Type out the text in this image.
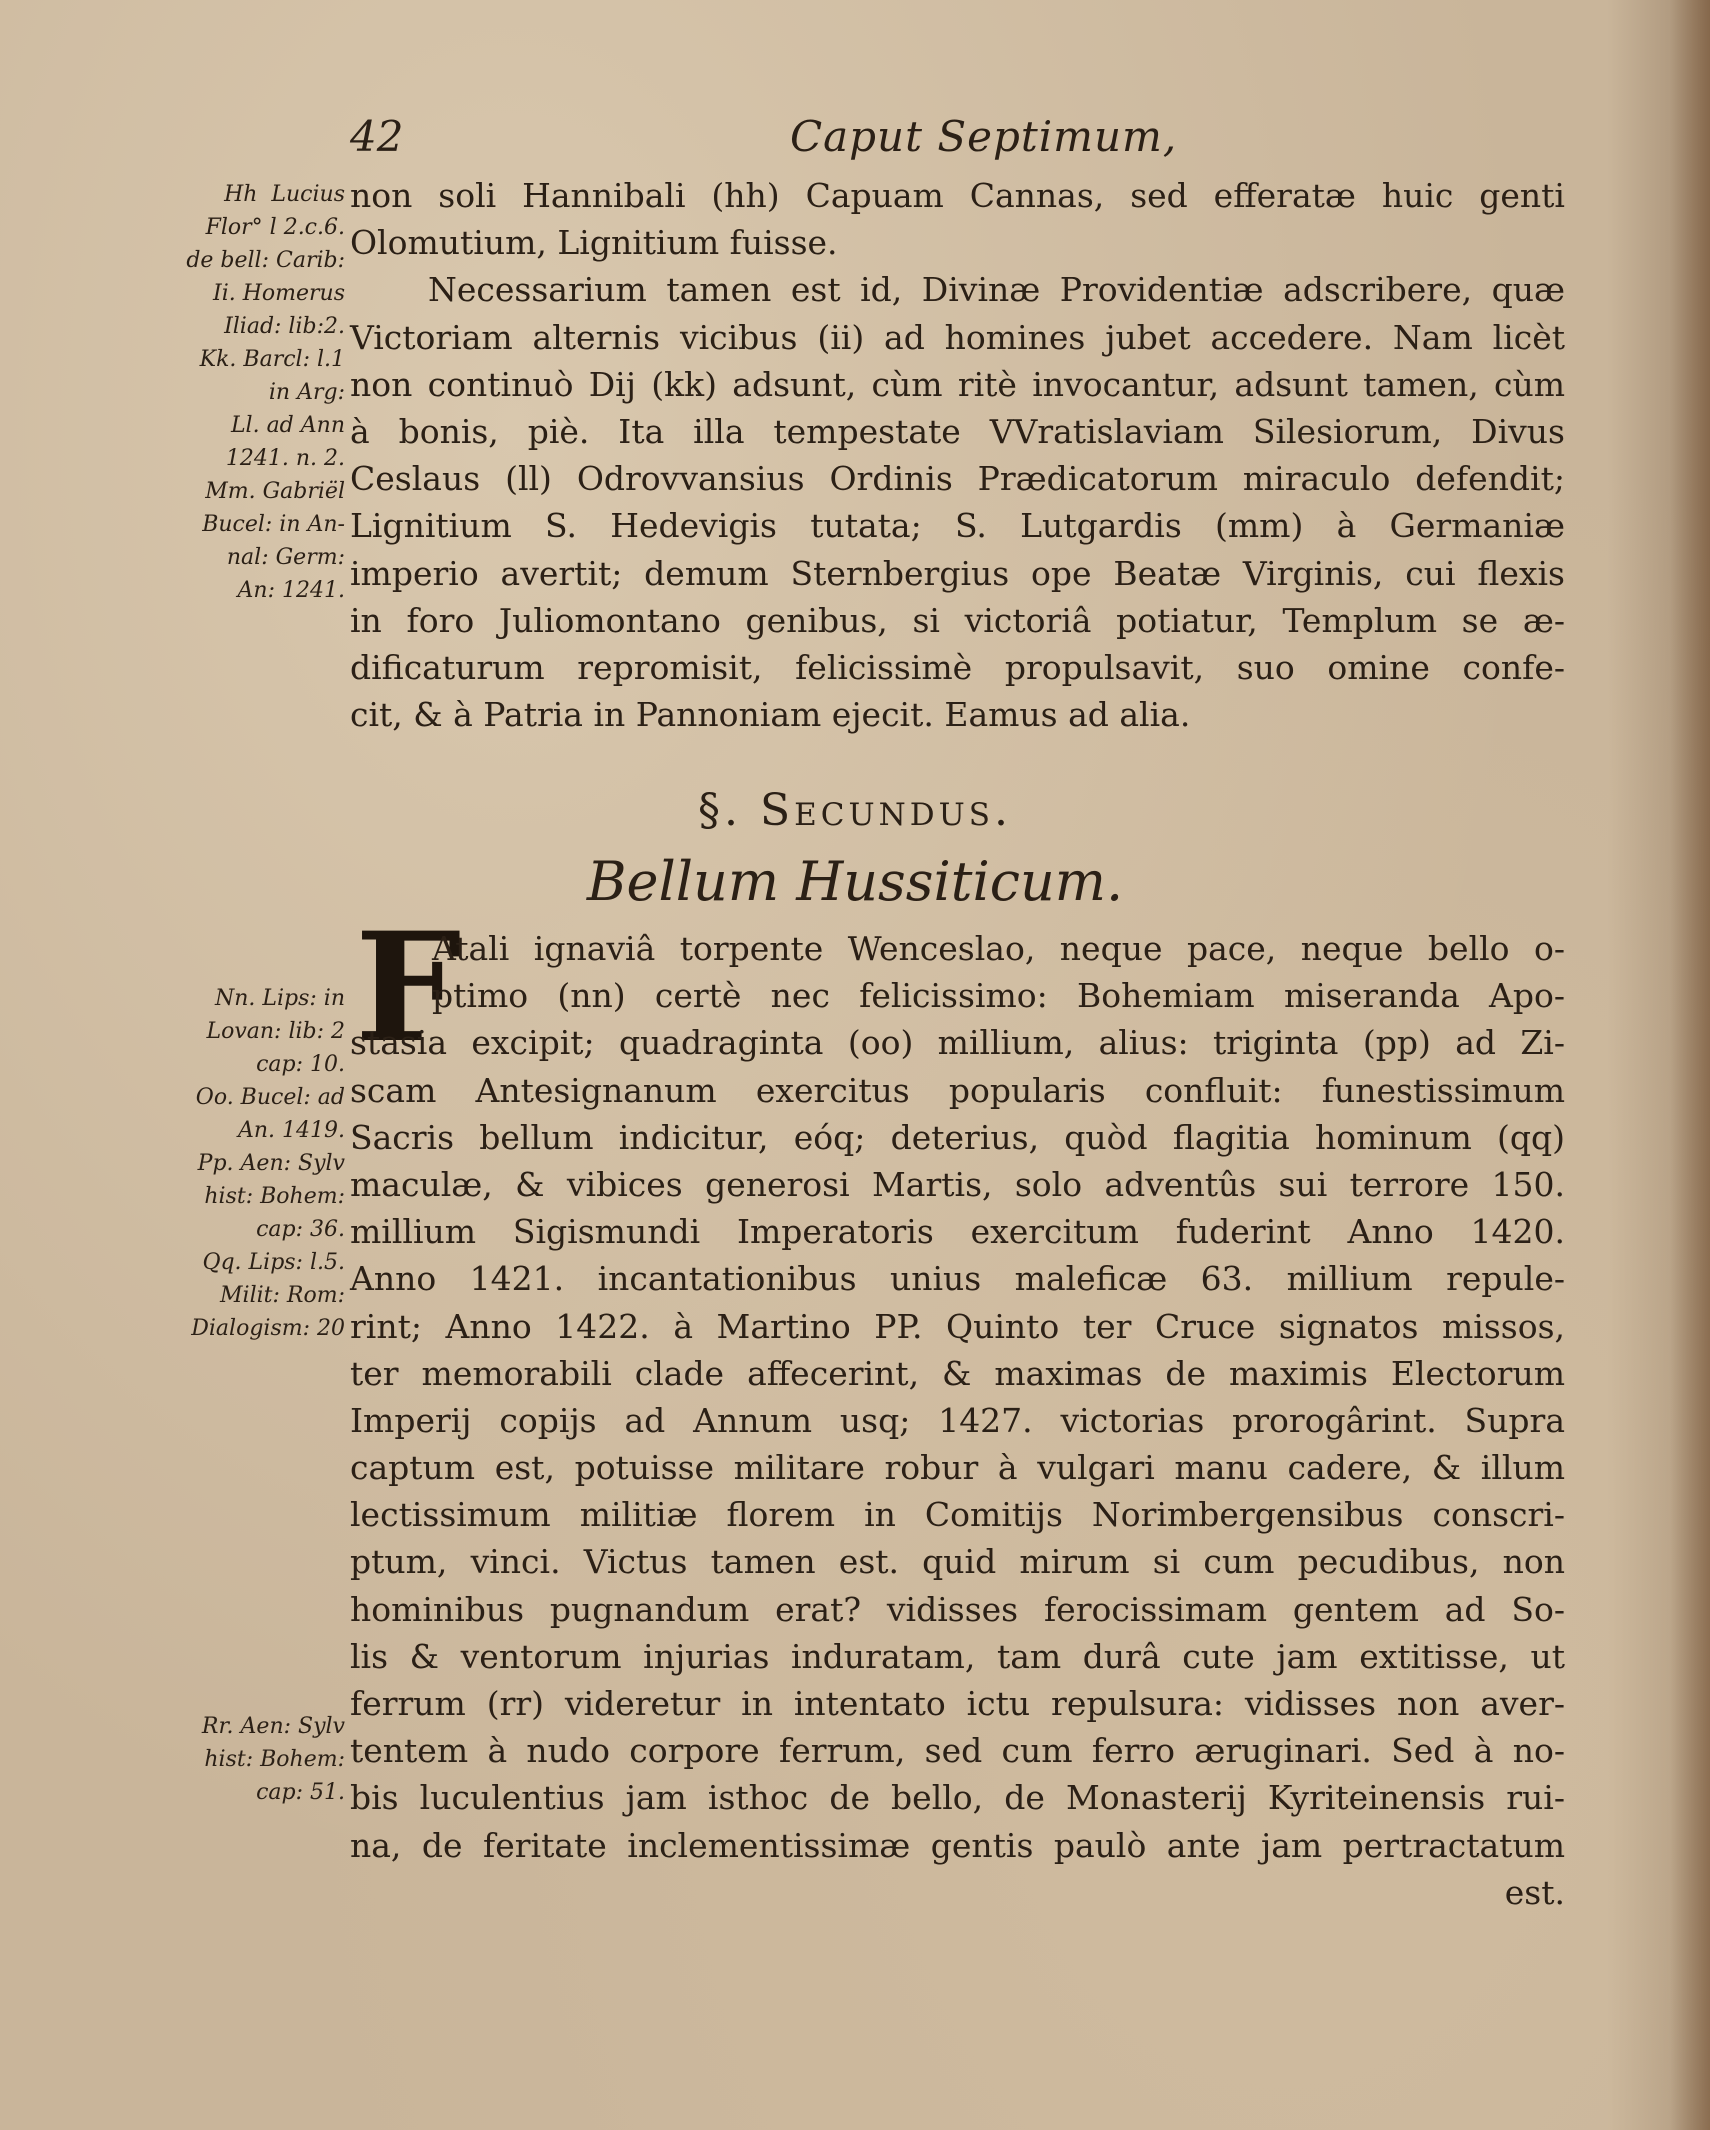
42	Caput Septimum,
Hh  Lucius
Flor° l 2.c.6.
de bell: Carib:
Ii. Homerus
Iliad: lib:2.
Kk. Barcl: l.1
in Arg:
Ll. ad Ann
1241. n. 2.
Mm. Gabriël
Bucel: in An-
nal: Germ:
An: 1241.
non soli Hannibali (hh) Capuam Cannas, sed efferatæ huic genti
Olomutium, Lignitium fuisse.
Necessarium tamen est id, Divinæ Providentiæ adscribere, quæ
Victoriam alternis vicibus (ii) ad homines jubet accedere. Nam licèt
non continuò Dij (kk) adsunt, cùm ritè invocantur, adsunt tamen, cùm
à bonis, piè. Ita illa tempestate VVratislaviam Silesiorum, Divus
Ceslaus (ll) Odrovvansius Ordinis Prædicatorum miraculo defendit;
Lignitium S. Hedevigis tutata; S. Lutgardis (mm) à Germaniæ
imperio avertit; demum Sternbergius ope Beatæ Virginis, cui flexis
in foro Juliomontano genibus, si victoriâ potiatur, Templum se æ-
dificaturum repromisit, felicissimè propulsavit, suo omine confe-
cit, & à Patria in Pannoniam ejecit. Eamus ad alia.
§. Secundus.
Bellum Hussiticum.
F
Nn. Lips: in
Lovan: lib: 2
cap: 10.
Oo. Bucel: ad
An. 1419.
Pp. Aen: Sylv
hist: Bohem:
cap: 36.
Qq. Lips: l.5.
Milit: Rom:
Dialogism: 20
Atali ignaviâ torpente Wenceslao, neque pace, neque bello o-
ptimo (nn) certè nec felicissimo: Bohemiam miseranda Apo-
stasia excipit; quadraginta (oo) millium, alius: triginta (pp) ad Zi-
scam Antesignanum exercitus popularis confluit: funestissimum
Sacris bellum indicitur, eóq; deterius, quòd flagitia hominum (qq)
maculæ, & vibices generosi Martis, solo adventûs sui terrore 150.
millium Sigismundi Imperatoris exercitum fuderint Anno 1420.
Anno 1421. incantationibus unius maleficæ 63. millium repule-
rint; Anno 1422. à Martino PP. Quinto ter Cruce signatos missos,
ter memorabili clade affecerint, & maximas de maximis Electorum
Imperij copijs ad Annum usq; 1427. victorias prorogârint. Supra
captum est, potuisse militare robur à vulgari manu cadere, & illum
lectissimum militiæ florem in Comitijs Norimbergensibus conscri-
ptum, vinci. Victus tamen est. quid mirum si cum pecudibus, non
hominibus pugnandum erat? vidisses ferocissimam gentem ad So-
lis & ventorum injurias induratam, tam durâ cute jam extitisse, ut
ferrum (rr) videretur in intentato ictu repulsura: vidisses non aver-
tentem à nudo corpore ferrum, sed cum ferro æruginari. Sed à no-
bis luculentius jam isthoc de bello, de Monasterij Kyriteinensis rui-
na, de feritate inclementissimæ gentis paulò ante jam pertractatum
est.
Rr. Aen: Sylv
hist: Bohem:
cap: 51.
